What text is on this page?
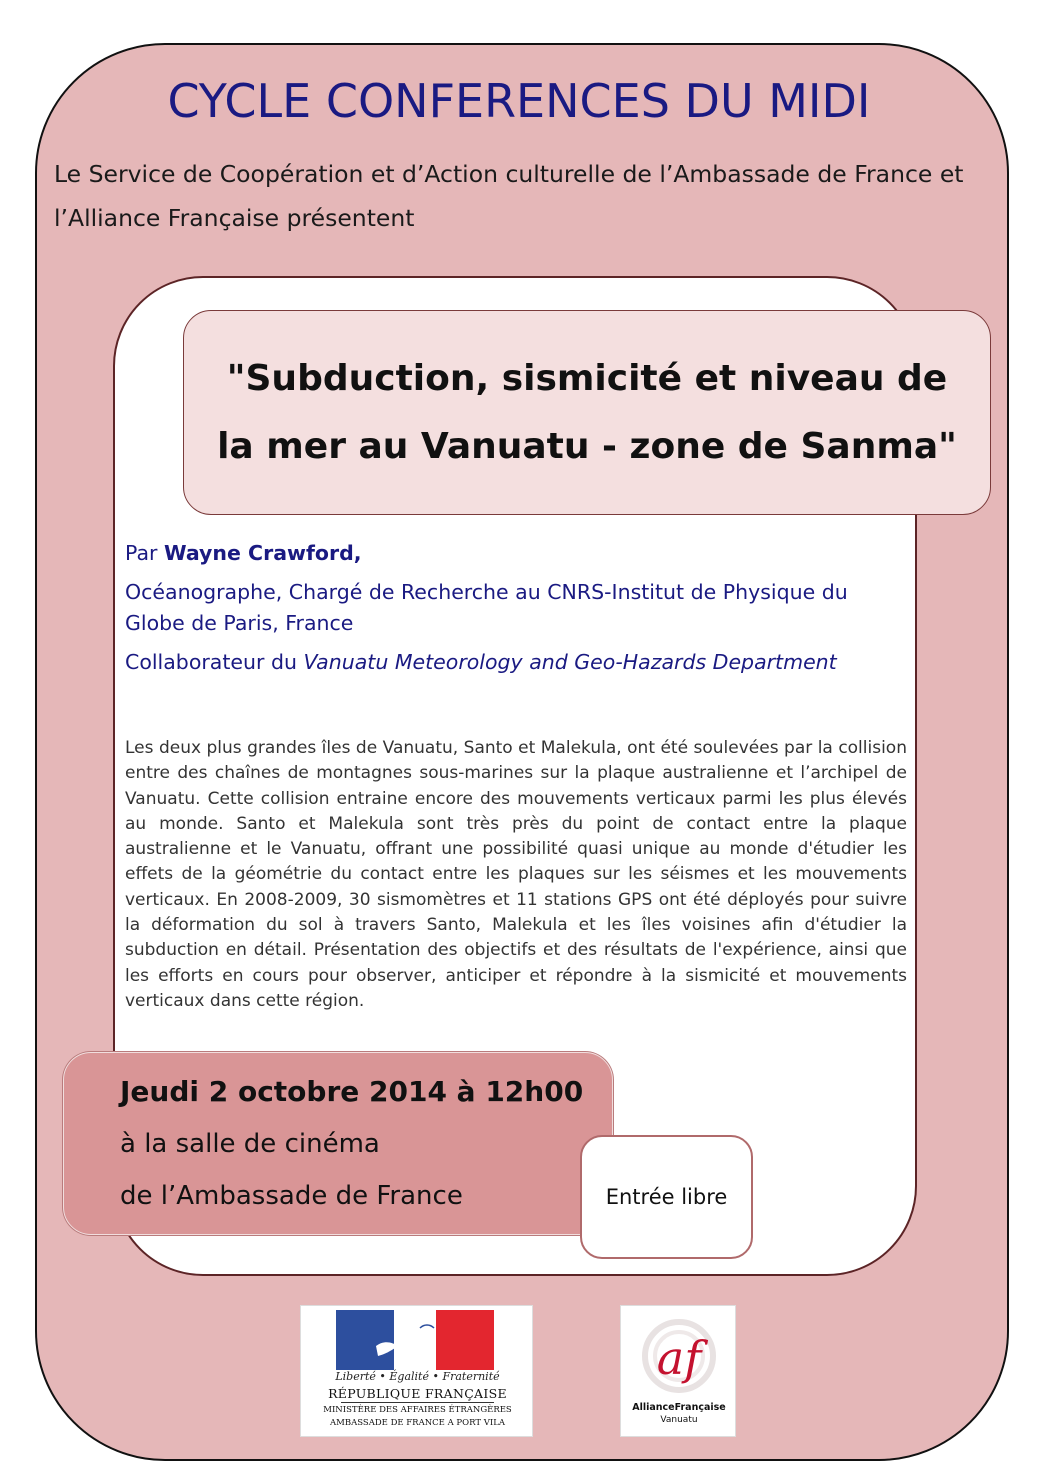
CYCLE CONFERENCES DU MIDI
Le Service de Coopération et d’Action culturelle de l’Ambassade de France et l’Alliance Française présentent
"Subduction, sismicité et niveau de la mer au Vanuatu - zone de Sanma"

Par Wayne Crawford,

Océanographe, Chargé de Recherche au CNRS-Institut de Physique du Globe de Paris, France

Collaborateur du Vanuatu Meteorology and Geo-Hazards Department

Les deux plus grandes îles de Vanuatu, Santo et Malekula, ont été soulevées par la collision entre des chaînes de montagnes sous-marines sur la plaque australienne et l’archipel de Vanuatu. Cette collision entraine encore des mouvements verticaux parmi les plus élevés au monde. Santo et Malekula sont très près du point de contact entre la plaque australienne et le Vanuatu, offrant une possibilité quasi unique au monde d'étudier les effets de la géométrie du contact entre les plaques sur les séismes et les mouvements verticaux. En 2008-2009, 30 sismomètres et 11 stations GPS ont été déployés pour suivre la déformation du sol à travers Santo, Malekula et les îles voisines afin d'étudier la subduction en détail. Présentation des objectifs et des résultats de l'expérience, ainsi que les efforts en cours pour observer, anticiper et répondre à la sismicité et mouvements verticaux dans cette région.

Jeudi 2 octobre 2014 à 12h00
à la salle de cinéma
de l’Ambassade de France	Entrée libre
Liberté • Égalité • Fraternité
RÉPUBLIQUE FRANÇAISE
MINISTÈRE DES AFFAIRES ÉTRANGÈRES
AMBASSADE DE FRANCE A PORT VILA
af
AllianceFrançaise
Vanuatu
